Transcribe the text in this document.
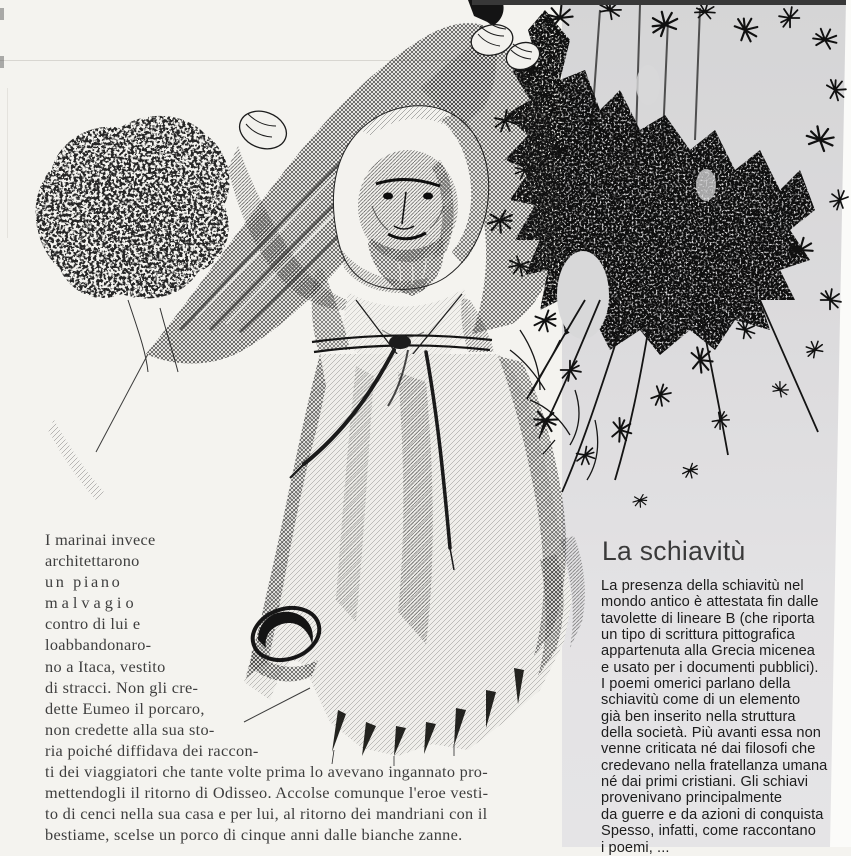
I marinai invece
architettarono
un piano
malvagio
contro di lui e
loabbandonaro-
no a Itaca, vestito
di stracci. Non gli cre-
dette Eumeo il porcaro,
non credette alla sua sto-
ria poiché diffidava dei raccon-
ti dei viaggiatori che tante volte prima lo avevano ingannato pro-
mettendogli il ritorno di Odisseo. Accolse comunque l'eroe vesti-
to di cenci nella sua casa e per lui, al ritorno dei mandriani con il
bestiame, scelse un porco di cinque anni dalle bianche zanne.
La schiavitù
La presenza della schiavitù nel
mondo antico è attestata fin dalle
tavolette di lineare B (che riporta
un tipo di scrittura pittografica
appartenuta alla Grecia micenea
e usato per i documenti pubblici).
I poemi omerici parlano della
schiavitù come di un elemento
già ben inserito nella struttura
della società. Più avanti essa non
venne criticata né dai filosofi che
credevano nella fratellanza umana
né dai primi cristiani. Gli schiavi
provenivano principalmente
da guerre e da azioni di conquista
Spesso, infatti, come raccontano
i poemi, ...
